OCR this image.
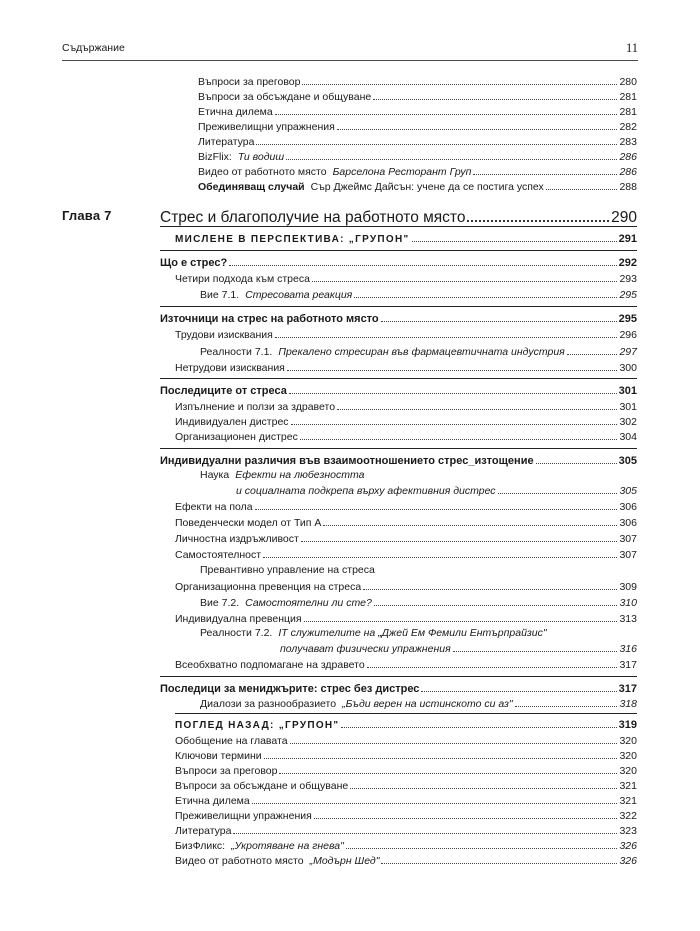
Съдържание	11
Въпроси за преговор	280
Въпроси за обсъждане и общуване	281
Етична дилема	281
Преживелищни упражнения	282
Литература	283
BizFlix: Ти водиш	286
Видео от работното място Барселона Ресторант Груп	286
Обединяващ случай Сър Джеймс Дайсън: учене да се постига успех	288
Глава 7	Стрес и благополучие на работното място	290
МИСЛЕНЕ В ПЕРСПЕКТИВА: „ГРУПОН"	291
Що е стрес?	292
Четири подхода към стреса	293
Вие 7.1. Стресовата реакция	295
Източници на стрес на работното място	295
Трудови изисквания	296
Реалности 7.1. Прекалено стресиран във фармацевтичната индустрия	297
Нетрудови изисквания	300
Последиците от стреса	301
Изпълнение и ползи за здравето	301
Индивидуален дистрес	302
Организационен дистрес	304
Индивидуални различия във взаимоотношението стрес_изтощение	305
Наука Ефекти на любезността
и социалната подкрепа върху афективния дистрес	305
Ефекти на пола	306
Поведенчески модел от Тип А	306
Личностна издръжливост	307
Самостоятелност	307
Превантивно управление на стреса
Организационна превенция на стреса	309
Вие 7.2. Самостоятелни ли сте?	310
Индивидуална превенция	313
Реалности 7.2. IT служителите на „Джей Ем Фемили Ентърпрайзис"
получават физически упражнения	316
Всеобхватно подпомагане на здравето	317
Последици за мениджърите: стрес без дистрес	317
Диалози за разнообразието „Бъди верен на истинското си аз"	318
ПОГЛЕД НАЗАД: „ГРУПОН"	319
Обобщение на главата	320
Ключови термини	320
Въпроси за преговор	320
Въпроси за обсъждане и общуване	321
Етична дилема	321
Преживелищни упражнения	322
Литература	323
БизФликс: „Укротяване на гнева"	326
Видео от работното място „Модърн Шед"	326
